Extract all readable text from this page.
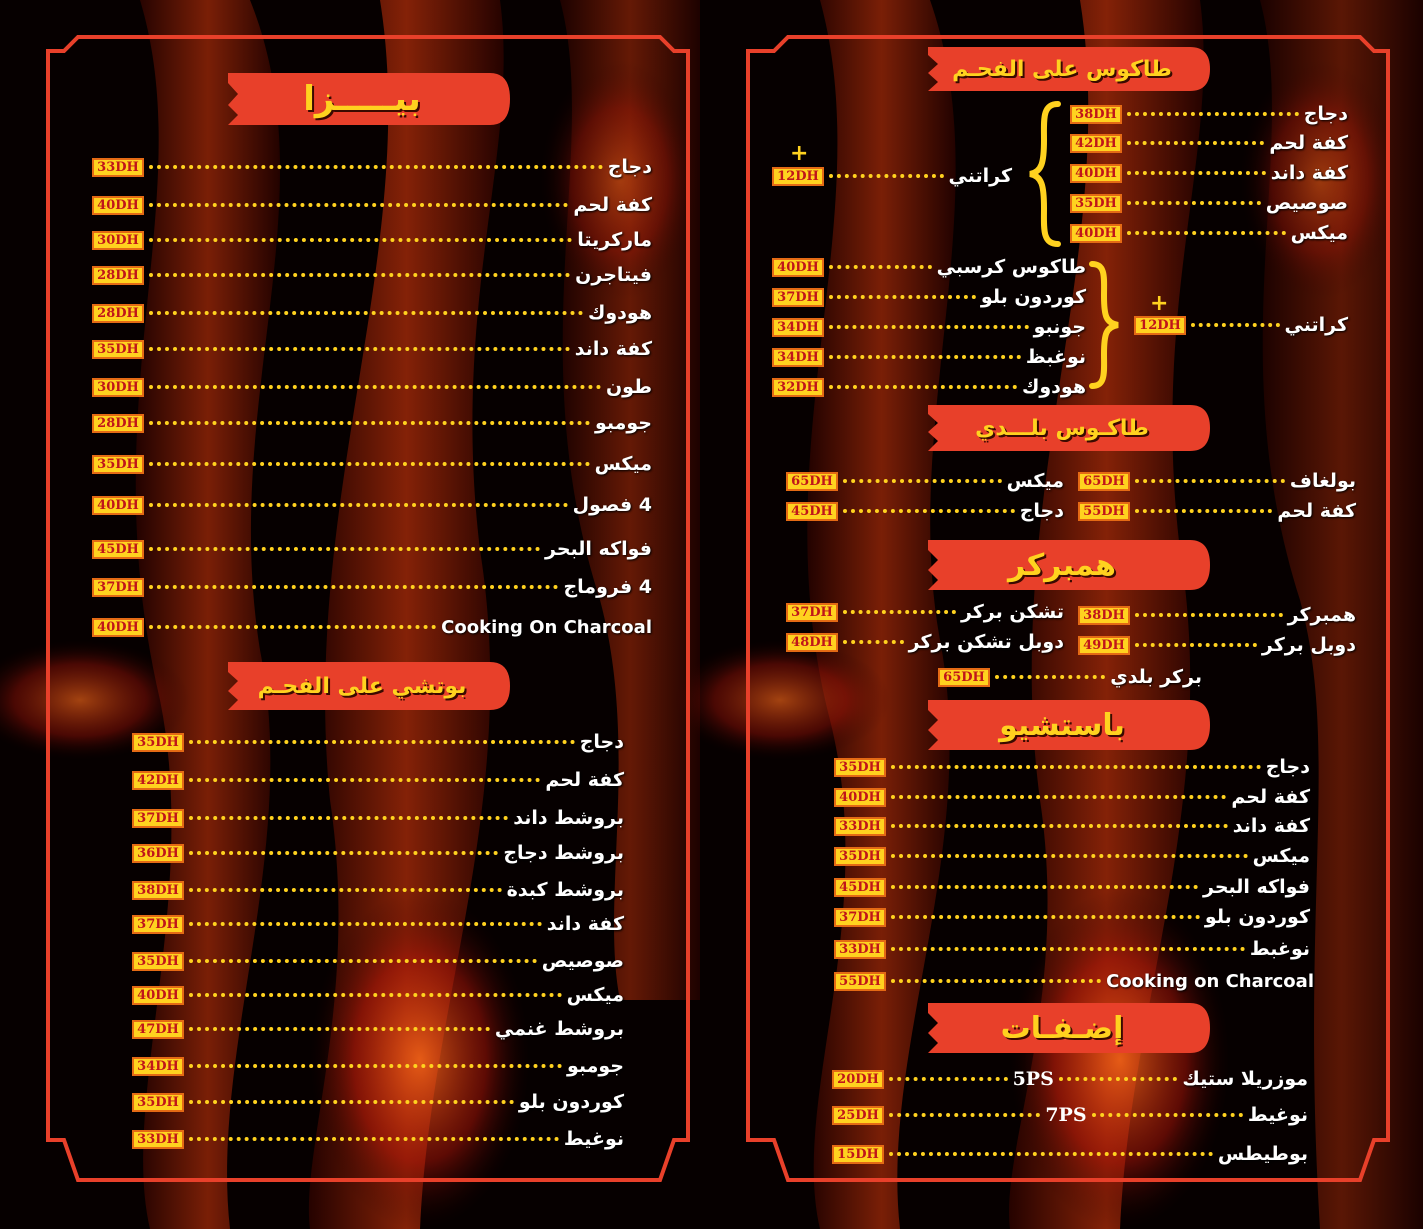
بيـــــزا
33DH	دجاج
40DH	كفة لحم
30DH	ماركريتا
28DH	فيتاجرن
28DH	هودوك
35DH	كفة داند
30DH	طون
28DH	جومبو
35DH	ميكس
40DH	4 فصول
45DH	فواكه البحر
37DH	4 فروماج
40DH	Cooking On Charcoal
بوتشي على الفحـم
35DH	دجاج
42DH	كفة لحم
37DH	بروشط داند
36DH	بروشط دجاج
38DH	بروشط كبدة
37DH	كفة داند
35DH	صوصيص
40DH	ميكس
47DH	بروشط غنمي
34DH	جومبو
35DH	كوردون بلو
33DH	نوغيط
طاكوس على الفحـم
38DH	دجاج
42DH	كفة لحم
40DH	كفة داند
35DH	صوصيص
40DH	ميكس
+
12DH	كراتني
40DH	طاكوس كرسبي
37DH	كوردون بلو
34DH	جونبو
34DH	نوغبظ
32DH	هودوك
+
12DH	كراتني
طاكـوس بلـــدي
65DH	بولغاف
55DH	كفة لحم
65DH	ميكس
45DH	دجاج
همبركر
38DH	همبركر
49DH	دوبل بركر
37DH	تشكن بركر
48DH	دوبل تشكن بركر
65DH	بركر بلدي
باستشيو
35DH	دجاج
40DH	كفة لحم
33DH	كفة داند
35DH	ميكس
45DH	فواكه البحر
37DH	كوردون بلو
33DH	نوغبط
55DH	Cooking on Charcoal
إضـفـات
20DH	5PS	موزريلا ستيك
25DH	7PS	نوغيط
15DH	بوطيطس
